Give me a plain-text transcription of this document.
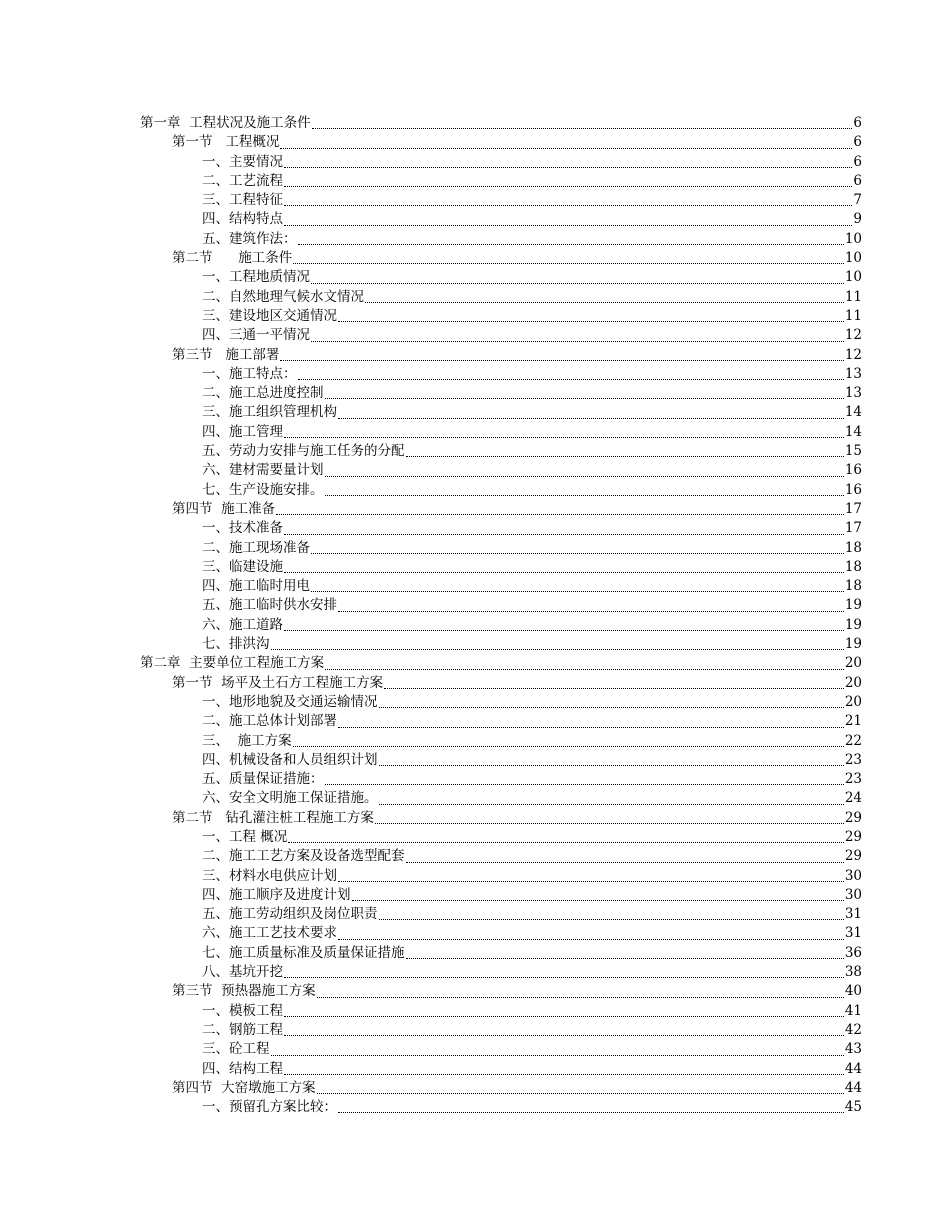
第一章  工程状况及施工条件	6
第一节   工程概况	6
一、主要情况	6
二、工艺流程	6
三、工程特征	7
四、结构特点	9
五、建筑作法：	10
第二节      施工条件	10
一、工程地质情况	10
二、自然地理气候水文情况	11
三、建设地区交通情况	11
四、三通一平情况	12
第三节   施工部署	12
一、施工特点：	13
二、施工总进度控制	13
三、施工组织管理机构	14
四、施工管理	14
五、劳动力安排与施工任务的分配	15
六、建材需要量计划	16
七、生产设施安排。	16
第四节  施工准备	17
一、技术准备	17
二、施工现场准备	18
三、临建设施	18
四、施工临时用电	18
五、施工临时供水安排	19
六、施工道路	19
七、排洪沟	19
第二章  主要单位工程施工方案	20
第一节  场平及土石方工程施工方案	20
一、地形地貌及交通运输情况	20
二、施工总体计划部署	21
三、  施工方案	22
四、机械设备和人员组织计划	23
五、质量保证措施：	23
六、安全文明施工保证措施。	24
第二节   钻孔灌注桩工程施工方案	29
一、工程 概况	29
二、施工工艺方案及设备选型配套	29
三、材料水电供应计划	30
四、施工顺序及进度计划	30
五、施工劳动组织及岗位职责	31
六、施工工艺技术要求	31
七、施工质量标准及质量保证措施	36
八、基坑开挖	38
第三节  预热器施工方案	40
一、模板工程	41
二、钢筋工程	42
三、砼工程	43
四、结构工程	44
第四节  大窑墩施工方案	44
一、预留孔方案比较：	45
